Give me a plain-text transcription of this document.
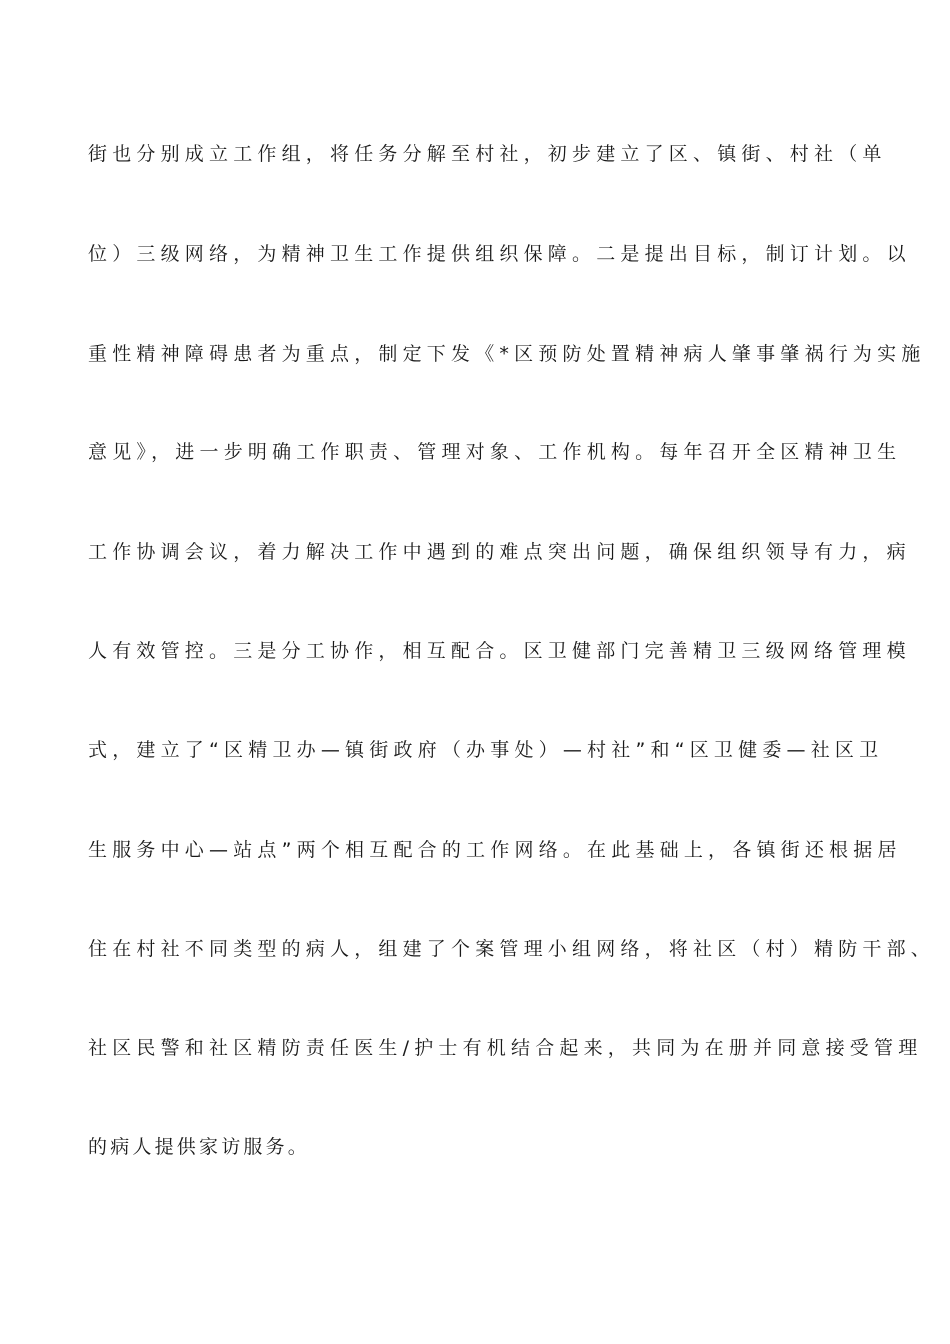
街也分别成立工作组，将任务分解至村社，初步建立了区、镇街、村社（单
位）三级网络，为精神卫生工作提供组织保障。二是提出目标，制订计划。以
重性精神障碍患者为重点，制定下发《*区预防处置精神病人肇事肇祸行为实施
意见》，进一步明确工作职责、管理对象、工作机构。每年召开全区精神卫生
工作协调会议，着力解决工作中遇到的难点突出问题，确保组织领导有力，病
人有效管控。三是分工协作，相互配合。区卫健部门完善精卫三级网络管理模
式，建立了“区精卫办—镇街政府（办事处）—村社”和“区卫健委—社区卫
生服务中心—站点”两个相互配合的工作网络。在此基础上，各镇街还根据居
住在村社不同类型的病人，组建了个案管理小组网络，将社区（村）精防干部、
社区民警和社区精防责任医生/护士有机结合起来，共同为在册并同意接受管理
的病人提供家访服务。
